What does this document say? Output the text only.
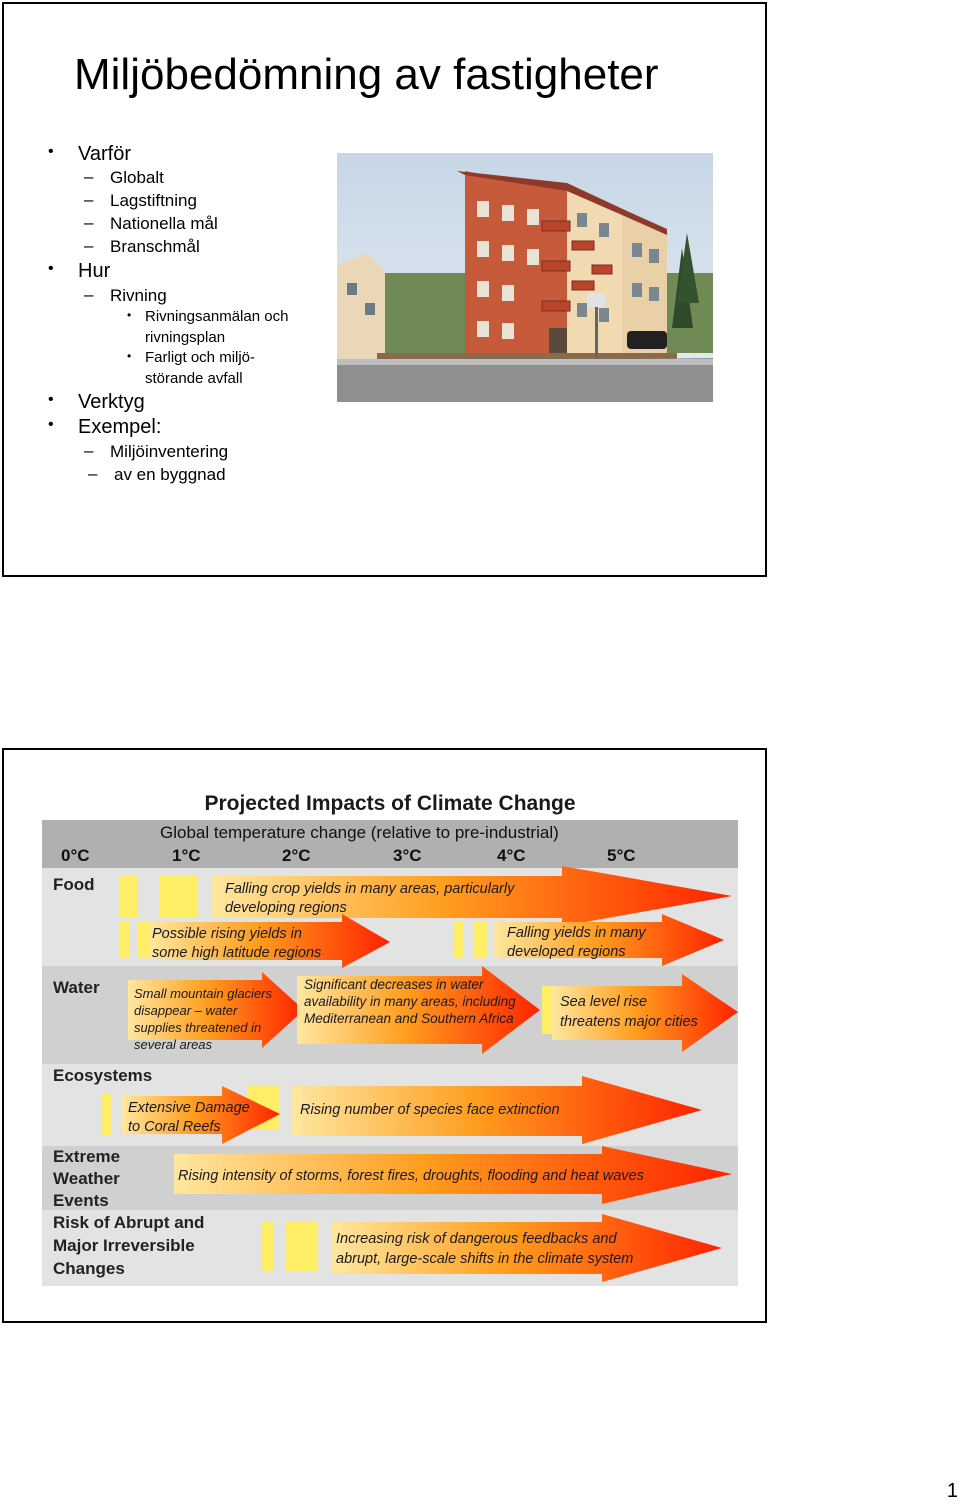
Miljöbedömning av fastigheter
• Varför
– Globalt
– Lagstiftning
– Nationella mål
– Branschmål
• Hur
– Rivning
• Rivningsanmälan och
rivningsplan
• Farligt och miljö-
störande avfall
• Verktyg
• Exempel:
– Miljöinventering
– av en byggnad
Projected Impacts of Climate Change
Global temperature change (relative to pre-industrial)
0°C	1°C	2°C	3°C	4°C	5°C
Food
Water
Ecosystems
Extreme
Weather
Events
Risk of Abrupt and
Major Irreversible
Changes
Falling crop yields in many areas, particularly
developing regions
Possible rising yields in
some high latitude regions
Falling yields in many
developed regions
Small mountain glaciers
disappear – water
supplies threatened in
several areas
Significant decreases in water
availability in many areas, including
Mediterranean and Southern Africa
Sea level rise
threatens major cities
Extensive Damage
to Coral Reefs
Rising number of species face extinction
Rising intensity of storms, forest fires, droughts, flooding and heat waves
Increasing risk of dangerous feedbacks and
abrupt, large-scale shifts in the climate system
1
